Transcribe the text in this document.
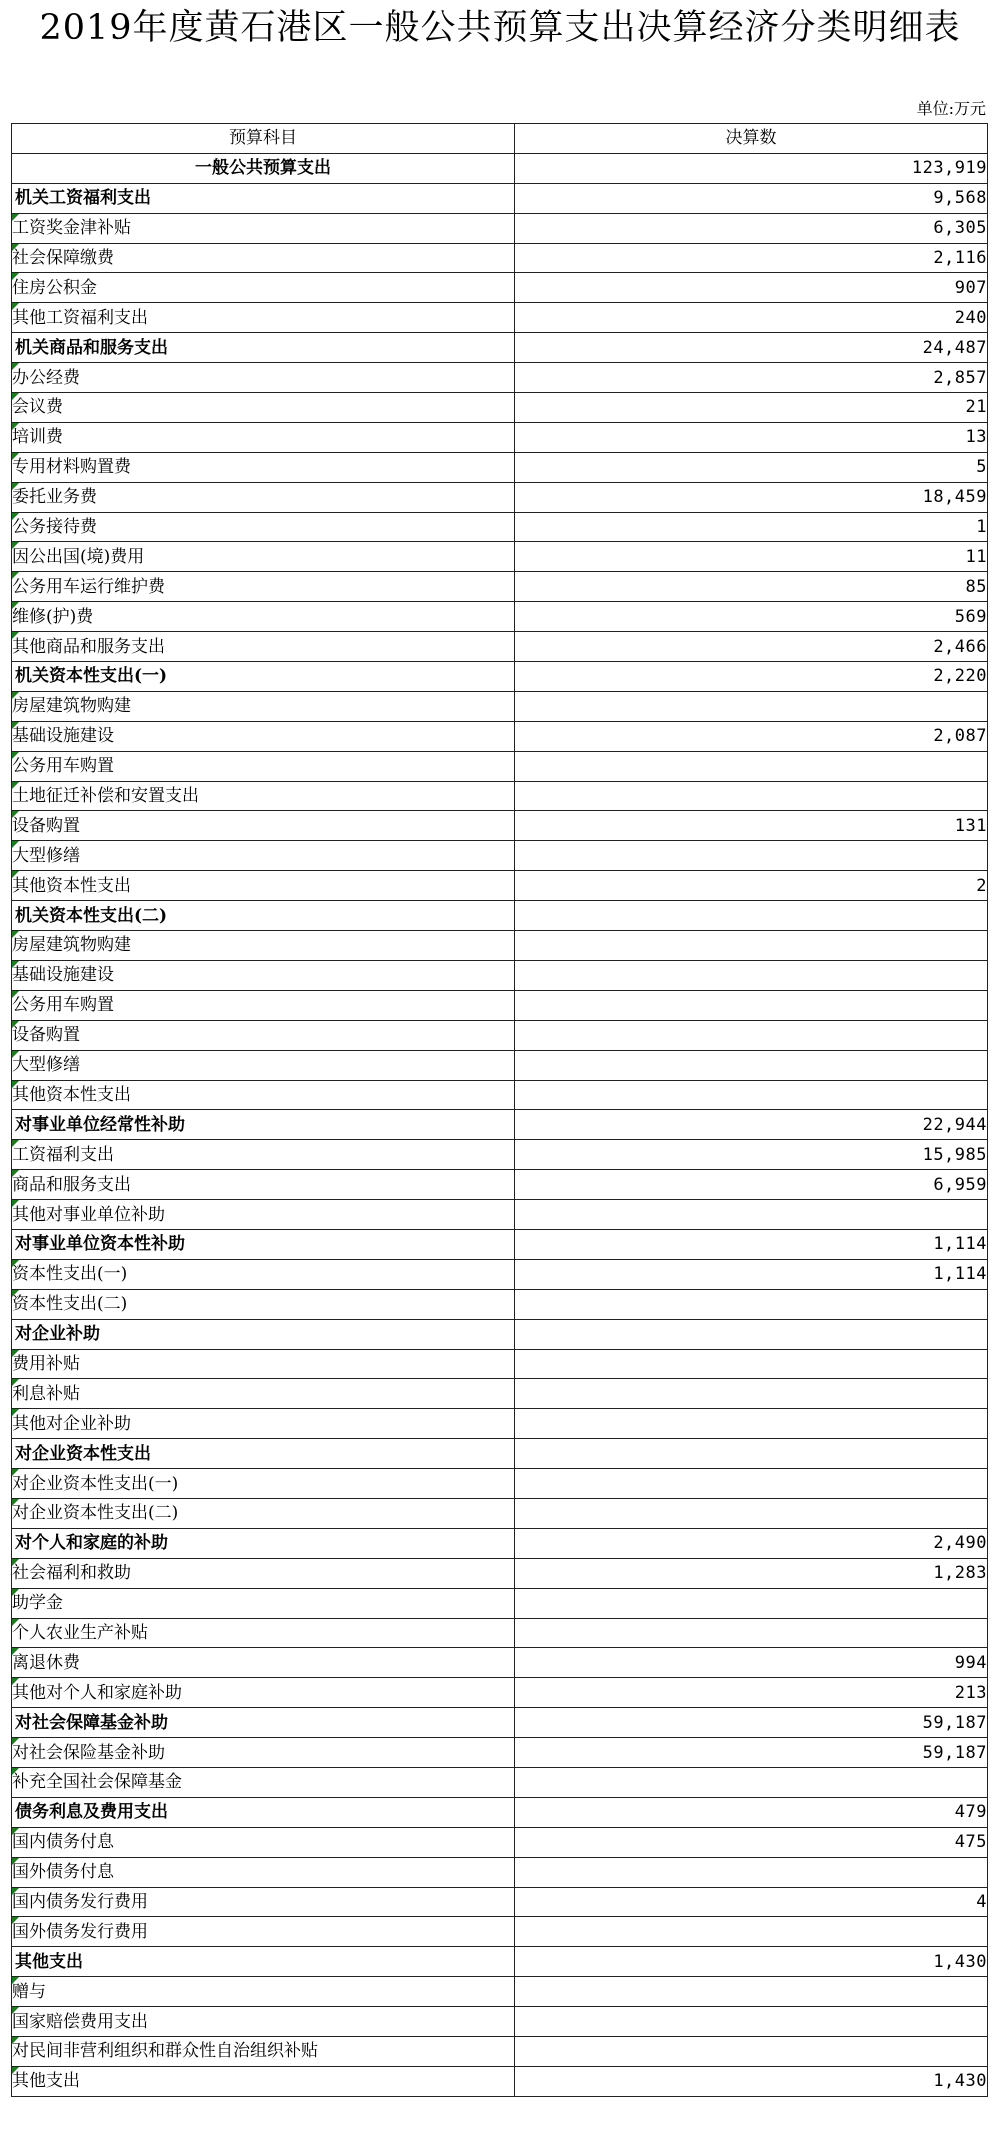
2019年度黄石港区一般公共预算支出决算经济分类明细表
单位:万元
预算科目	决算数
一般公共预算支出	123,919
机关工资福利支出	9,568

工资奖金津补贴	6,305

社会保障缴费	2,116

住房公积金	907

其他工资福利支出	240
机关商品和服务支出	24,487

办公经费	2,857

会议费	21

培训费	13

专用材料购置费	5

委托业务费	18,459

公务接待费	1

因公出国(境)费用	11

公务用车运行维护费	85

维修(护)费	569

其他商品和服务支出	2,466
机关资本性支出(一)	2,220

房屋建筑物购建	

基础设施建设	2,087

公务用车购置	

土地征迁补偿和安置支出	

设备购置	131

大型修缮	

其他资本性支出	2
机关资本性支出(二)	

房屋建筑物购建	

基础设施建设	

公务用车购置	

设备购置	

大型修缮	

其他资本性支出	
对事业单位经常性补助	22,944

工资福利支出	15,985

商品和服务支出	6,959

其他对事业单位补助	
对事业单位资本性补助	1,114

资本性支出(一)	1,114

资本性支出(二)	
对企业补助	

费用补贴	

利息补贴	

其他对企业补助	
对企业资本性支出	

对企业资本性支出(一)	

对企业资本性支出(二)	
对个人和家庭的补助	2,490

社会福利和救助	1,283

助学金	

个人农业生产补贴	

离退休费	994

其他对个人和家庭补助	213
对社会保障基金补助	59,187

对社会保险基金补助	59,187

补充全国社会保障基金	
债务利息及费用支出	479

国内债务付息	475

国外债务付息	

国内债务发行费用	4

国外债务发行费用	
其他支出	1,430

赠与	

国家赔偿费用支出	

对民间非营利组织和群众性自治组织补贴	

其他支出	1,430
